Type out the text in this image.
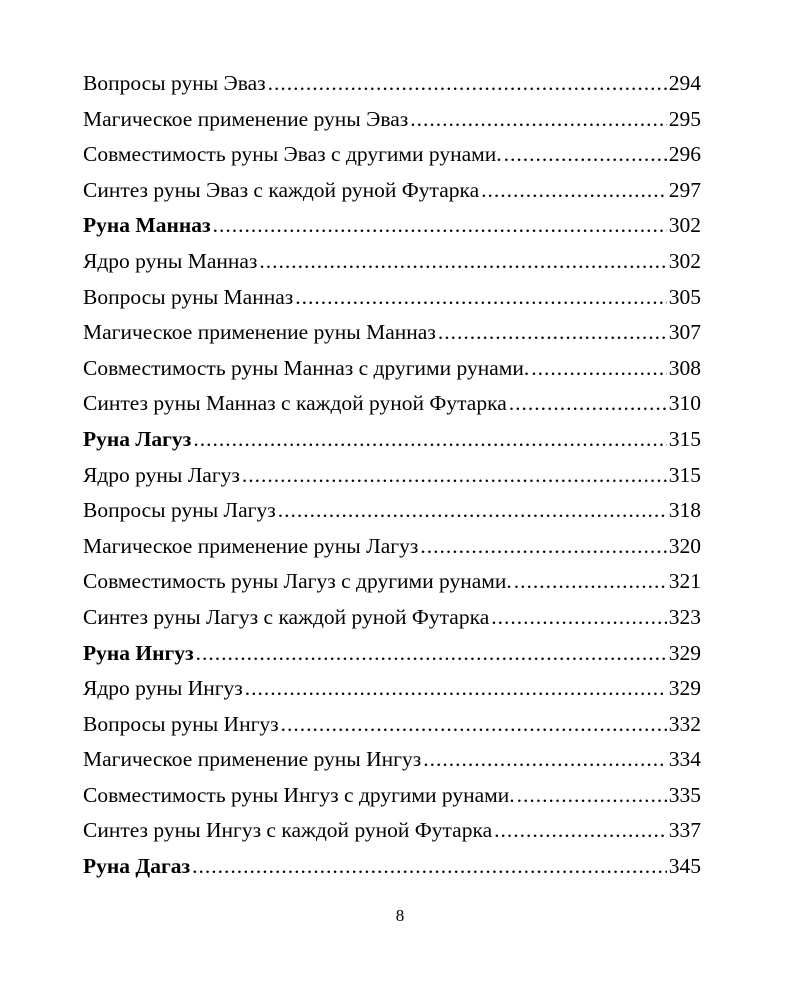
Вопросы руны Эваз .....	294
Магическое применение руны Эваз .....	295
Совместимость руны Эваз с другими рунами. .....	296
Синтез руны Эваз с каждой руной Футарка .....	297
Руна Манназ .....	302
Ядро руны Манназ .....	302
Вопросы руны Манназ .....	305
Магическое применение руны Манназ .....	307
Совместимость руны Манназ с другими рунами. .....	308
Синтез руны Манназ с каждой руной Футарка .....	310
Руна Лагуз .....	315
Ядро руны Лагуз .....	315
Вопросы руны Лагуз .....	318
Магическое применение руны Лагуз .....	320
Совместимость руны Лагуз с другими рунами. .....	321
Синтез руны Лагуз с каждой руной Футарка .....	323
Руна Ингуз .....	329
Ядро руны Ингуз .....	329
Вопросы руны Ингуз .....	332
Магическое применение руны Ингуз .....	334
Совместимость руны Ингуз с другими рунами. .....	335
Синтез руны Ингуз с каждой руной Футарка .....	337
Руна Дагаз .....	345
8
